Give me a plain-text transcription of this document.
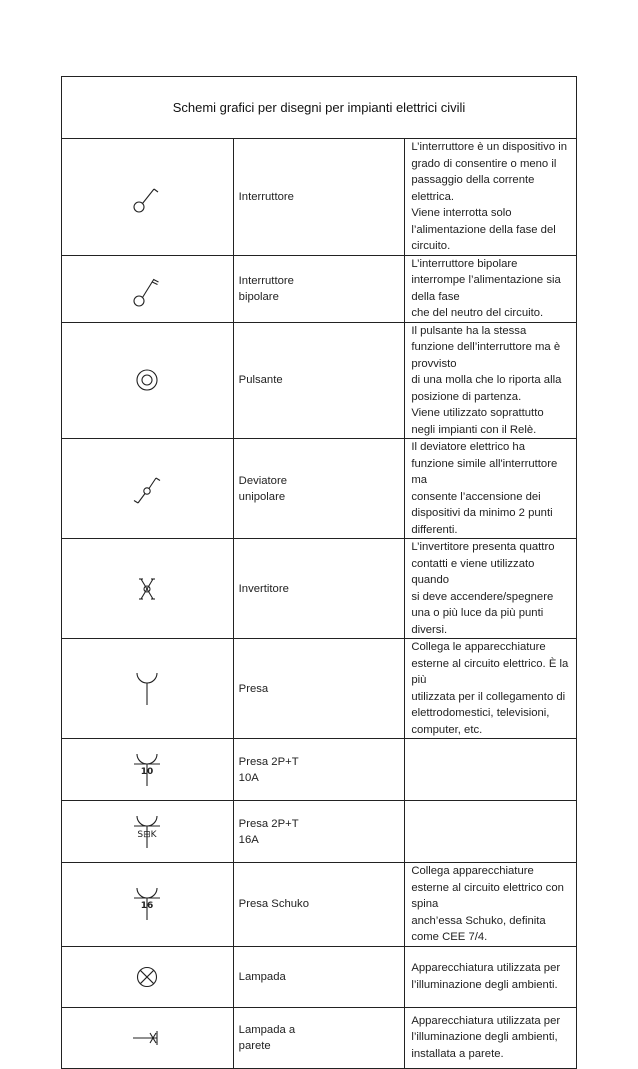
Schemi grafici per disegni per impianti elettrici civili		

	Interruttore	L’interruttore è un dispositivo in grado di consentire o meno il
passaggio della corrente elettrica.
Viene interrotta solo l’alimentazione della fase del circuito.

	Interruttore
bipolare	L’interruttore bipolare interrompe l’alimentazione sia della fase
che del neutro del circuito.

	Pulsante	Il pulsante ha la stessa funzione dell’interruttore ma è provvisto
di una molla che lo riporta alla posizione di partenza.
Viene utilizzato soprattutto negli impianti con il Relè.

	Deviatore
unipolare	Il deviatore elettrico ha funzione simile all'interruttore ma
consente l’accensione dei dispositivi da minimo 2 punti
differenti.

	Invertitore	L’invertitore presenta quattro contatti e viene utilizzato quando
si deve accendere/spegnere una o più luce da più punti diversi.

	Presa	Collega le apparecchiature esterne al circuito elettrico. È la più
utilizzata per il collegamento di elettrodomestici, televisioni,
computer, etc.

10	Presa 2P+T
10A	

S⊞K	Presa 2P+T
16A	

16	Presa Schuko	Collega apparecchiature esterne al circuito elettrico con spina
anch’essa Schuko, definita come CEE 7/4.

	Lampada	Apparecchiatura utilizzata per l’illuminazione degli ambienti.

	Lampada a
parete	Apparecchiatura utilizzata per l’illuminazione degli ambienti,
installata a parete.
